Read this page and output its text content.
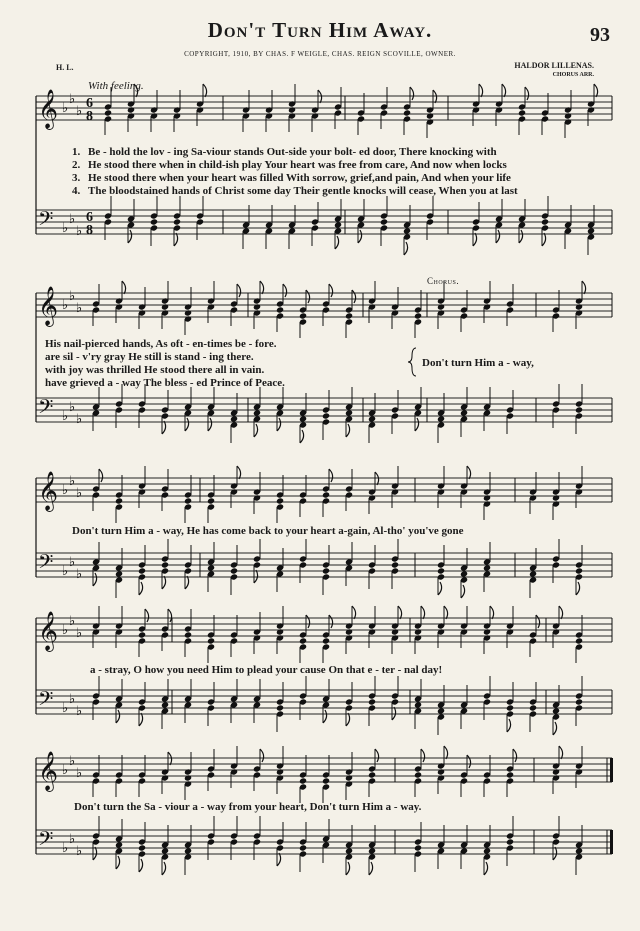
Don't Turn Him Away.	93
COPYRIGHT, 1910, BY CHAS. F WEIGLE, CHAS. REIGN SCOVILLE, OWNER.
H. L.	HALDOR LILLENAS.
CHORUS ARR.
With feeling.
Chorus.
𝄞 ♭
♭
♭
6
8
𝄢 ♭
♭
♭
6
8
𝄞 ♭
♭
♭
𝄢 ♭
♭
♭
𝄞 ♭
♭
♭
𝄢 ♭
♭
♭
𝄞 ♭
♭
♭
𝄢 ♭
♭
♭
𝄞 ♭
♭
♭
𝄢 ♭
♭
♭
1. Be - hold the lov - ing Sa-viour stands Out-side your bolt- ed door, There knocking with
2. He stood there when in child-ish play Your heart was free from care, And now when locks
3. He stood there when your heart was filled With sorrow, grief,and pain, And when your life
4. The bloodstained hands of Christ some day Their gentle knocks will cease, When you at last
His nail-pierced hands, As oft - en-times be - fore.
are sil - v'ry gray He still is stand - ing there.
with joy was thrilled He stood there all in vain.
have grieved a - way The bless - ed Prince of Peace.
Don't turn Him a - way,
Don't turn Him a - way, He has come back to your heart a-gain, Al-tho' you've gone
a - stray, O how you need Him to plead your cause On that e - ter - nal day!
Don't turn the Sa - viour a - way from your heart, Don't turn Him a - way.
